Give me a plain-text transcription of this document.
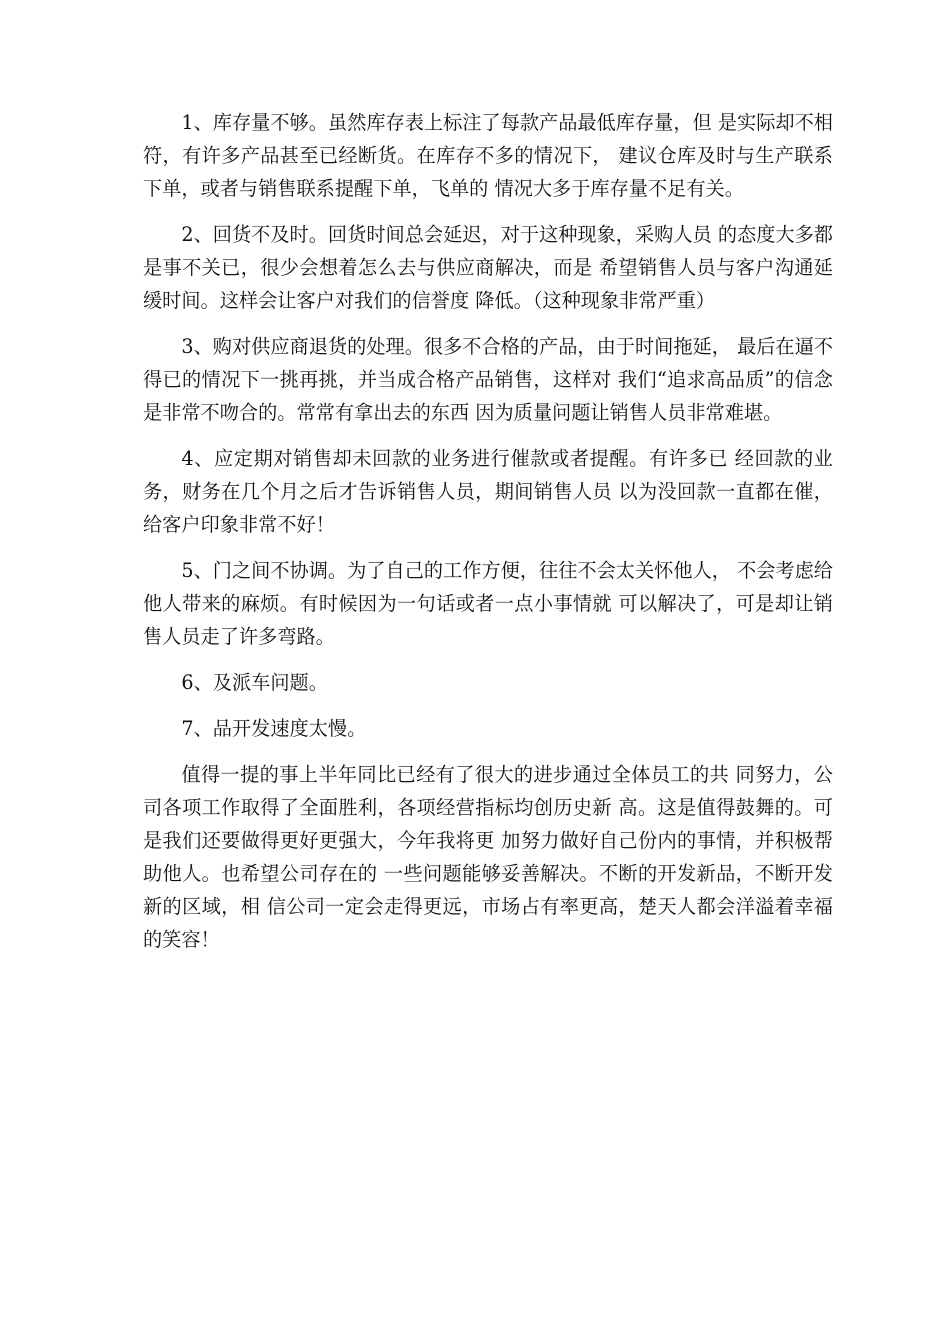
1、库存量不够。虽然库存表上标注了每款产品最低库存量，但 是实际却不相符，有许多产品甚至已经断货。在库存不多的情况下， 建议仓库及时与生产联系下单，或者与销售联系提醒下单，飞单的 情况大多于库存量不足有关。

2、回货不及时。回货时间总会延迟，对于这种现象，采购人员 的态度大多都是事不关已，很少会想着怎么去与供应商解决，而是 希望销售人员与客户沟通延缓时间。这样会让客户对我们的信誉度 降低。（这种现象非常严重）

3、购对供应商退货的处理。很多不合格的产品，由于时间拖延， 最后在逼不得已的情况下一挑再挑，并当成合格产品销售，这样对 我们“追求高品质”的信念是非常不吻合的。常常有拿出去的东西 因为质量问题让销售人员非常难堪。

4、应定期对销售却未回款的业务进行催款或者提醒。有许多已 经回款的业务，财务在几个月之后才告诉销售人员，期间销售人员 以为没回款一直都在催，给客户印象非常不好！

5、门之间不协调。为了自己的工作方便，往往不会太关怀他人， 不会考虑给他人带来的麻烦。有时候因为一句话或者一点小事情就 可以解决了，可是却让销售人员走了许多弯路。

6、及派车问题。

7、品开发速度太慢。

值得一提的事上半年同比已经有了很大的进步通过全体员工的共 同努力，公司各项工作取得了全面胜利，各项经营指标均创历史新 高。这是值得鼓舞的。可是我们还要做得更好更强大，今年我将更 加努力做好自己份内的事情，并积极帮助他人。也希望公司存在的 一些问题能够妥善解决。不断的开发新品，不断开发新的区域，相 信公司一定会走得更远，市场占有率更高，楚天人都会洋溢着幸福 的笑容！
